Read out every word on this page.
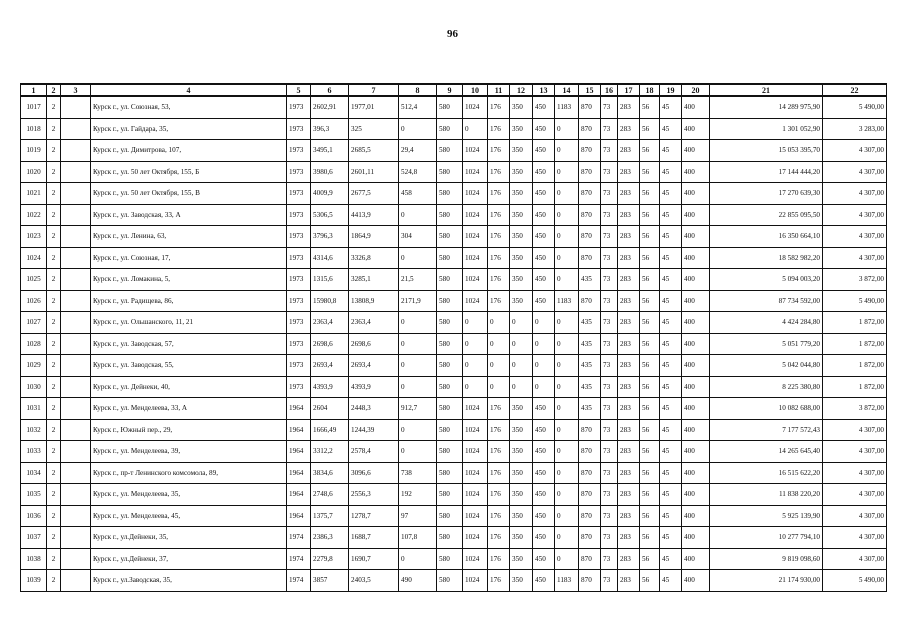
96
1	2	3	4	5	6	7	8	9	10	11	12	13	14	15	16	17	18	19	20	21	22
1017	2		Курск г., ул. Союзная, 53,	1973	2602,91	1977,01	512,4	580	1024	176	350	450	1183	870	73	283	56	45	400	14 289 975,90	5 490,00
1018	2		Курск г., ул. Гайдара, 35,	1973	396,3	325	0	580	0	176	350	450	0	870	73	283	56	45	400	1 301 052,90	3 283,00
1019	2		Курск г., ул. Димитрова, 107,	1973	3495,1	2685,5	29,4	580	1024	176	350	450	0	870	73	283	56	45	400	15 053 395,70	4 307,00
1020	2		Курск г., ул. 50 лет Октября, 155, Б	1973	3980,6	2601,11	524,8	580	1024	176	350	450	0	870	73	283	56	45	400	17 144 444,20	4 307,00
1021	2		Курск г., ул. 50 лет Октября, 155, В	1973	4009,9	2677,5	458	580	1024	176	350	450	0	870	73	283	56	45	400	17 270 639,30	4 307,00
1022	2		Курск г., ул. Заводская, 33, А	1973	5306,5	4413,9	0	580	1024	176	350	450	0	870	73	283	56	45	400	22 855 095,50	4 307,00
1023	2		Курск г., ул. Ленина, 63,	1973	3796,3	1864,9	304	580	1024	176	350	450	0	870	73	283	56	45	400	16 350 664,10	4 307,00
1024	2		Курск г., ул. Союзная, 17,	1973	4314,6	3326,8	0	580	1024	176	350	450	0	870	73	283	56	45	400	18 582 982,20	4 307,00
1025	2		Курск г., ул. Ломакина, 5,	1973	1315,6	3285,1	21,5	580	1024	176	350	450	0	435	73	283	56	45	400	5 094 003,20	3 872,00
1026	2		Курск г., ул. Радищева, 86,	1973	15980,8	13808,9	2171,9	580	1024	176	350	450	1183	870	73	283	56	45	400	87 734 592,00	5 490,00
1027	2		Курск г., ул. Ольшанского, 11, 21	1973	2363,4	2363,4	0	580	0	0	0	0	0	435	73	283	56	45	400	4 424 284,80	1 872,00
1028	2		Курск г., ул. Заводская, 57,	1973	2698,6	2698,6	0	580	0	0	0	0	0	435	73	283	56	45	400	5 051 779,20	1 872,00
1029	2		Курск г., ул. Заводская, 55,	1973	2693,4	2693,4	0	580	0	0	0	0	0	435	73	283	56	45	400	5 042 044,80	1 872,00
1030	2		Курск г., ул. Дейнеки, 40,	1973	4393,9	4393,9	0	580	0	0	0	0	0	435	73	283	56	45	400	8 225 380,80	1 872,00
1031	2		Курск г., ул. Менделеева, 33, А	1964	2604	2448,3	912,7	580	1024	176	350	450	0	435	73	283	56	45	400	10 082 688,00	3 872,00
1032	2		Курск г., Южный пер., 29,	1964	1666,49	1244,39	0	580	1024	176	350	450	0	870	73	283	56	45	400	7 177 572,43	4 307,00
1033	2		Курск г., ул. Менделеева, 39,	1964	3312,2	2578,4	0	580	1024	176	350	450	0	870	73	283	56	45	400	14 265 645,40	4 307,00
1034	2		Курск г., пр-т Ленинского комсомола, 89,	1964	3834,6	3096,6	738	580	1024	176	350	450	0	870	73	283	56	45	400	16 515 622,20	4 307,00
1035	2		Курск г., ул. Менделеева, 35,	1964	2748,6	2556,3	192	580	1024	176	350	450	0	870	73	283	56	45	400	11 838 220,20	4 307,00
1036	2		Курск г., ул. Менделеева, 45,	1964	1375,7	1278,7	97	580	1024	176	350	450	0	870	73	283	56	45	400	5 925 139,90	4 307,00
1037	2		Курск г., ул.Дейнеки, 35,	1974	2386,3	1688,7	107,8	580	1024	176	350	450	0	870	73	283	56	45	400	10 277 794,10	4 307,00
1038	2		Курск г., ул.Дейнеки, 37,	1974	2279,8	1690,7	0	580	1024	176	350	450	0	870	73	283	56	45	400	9 819 098,60	4 307,00
1039	2		Курск г., ул.Заводская, 35,	1974	3857	2403,5	490	580	1024	176	350	450	1183	870	73	283	56	45	400	21 174 930,00	5 490,00
